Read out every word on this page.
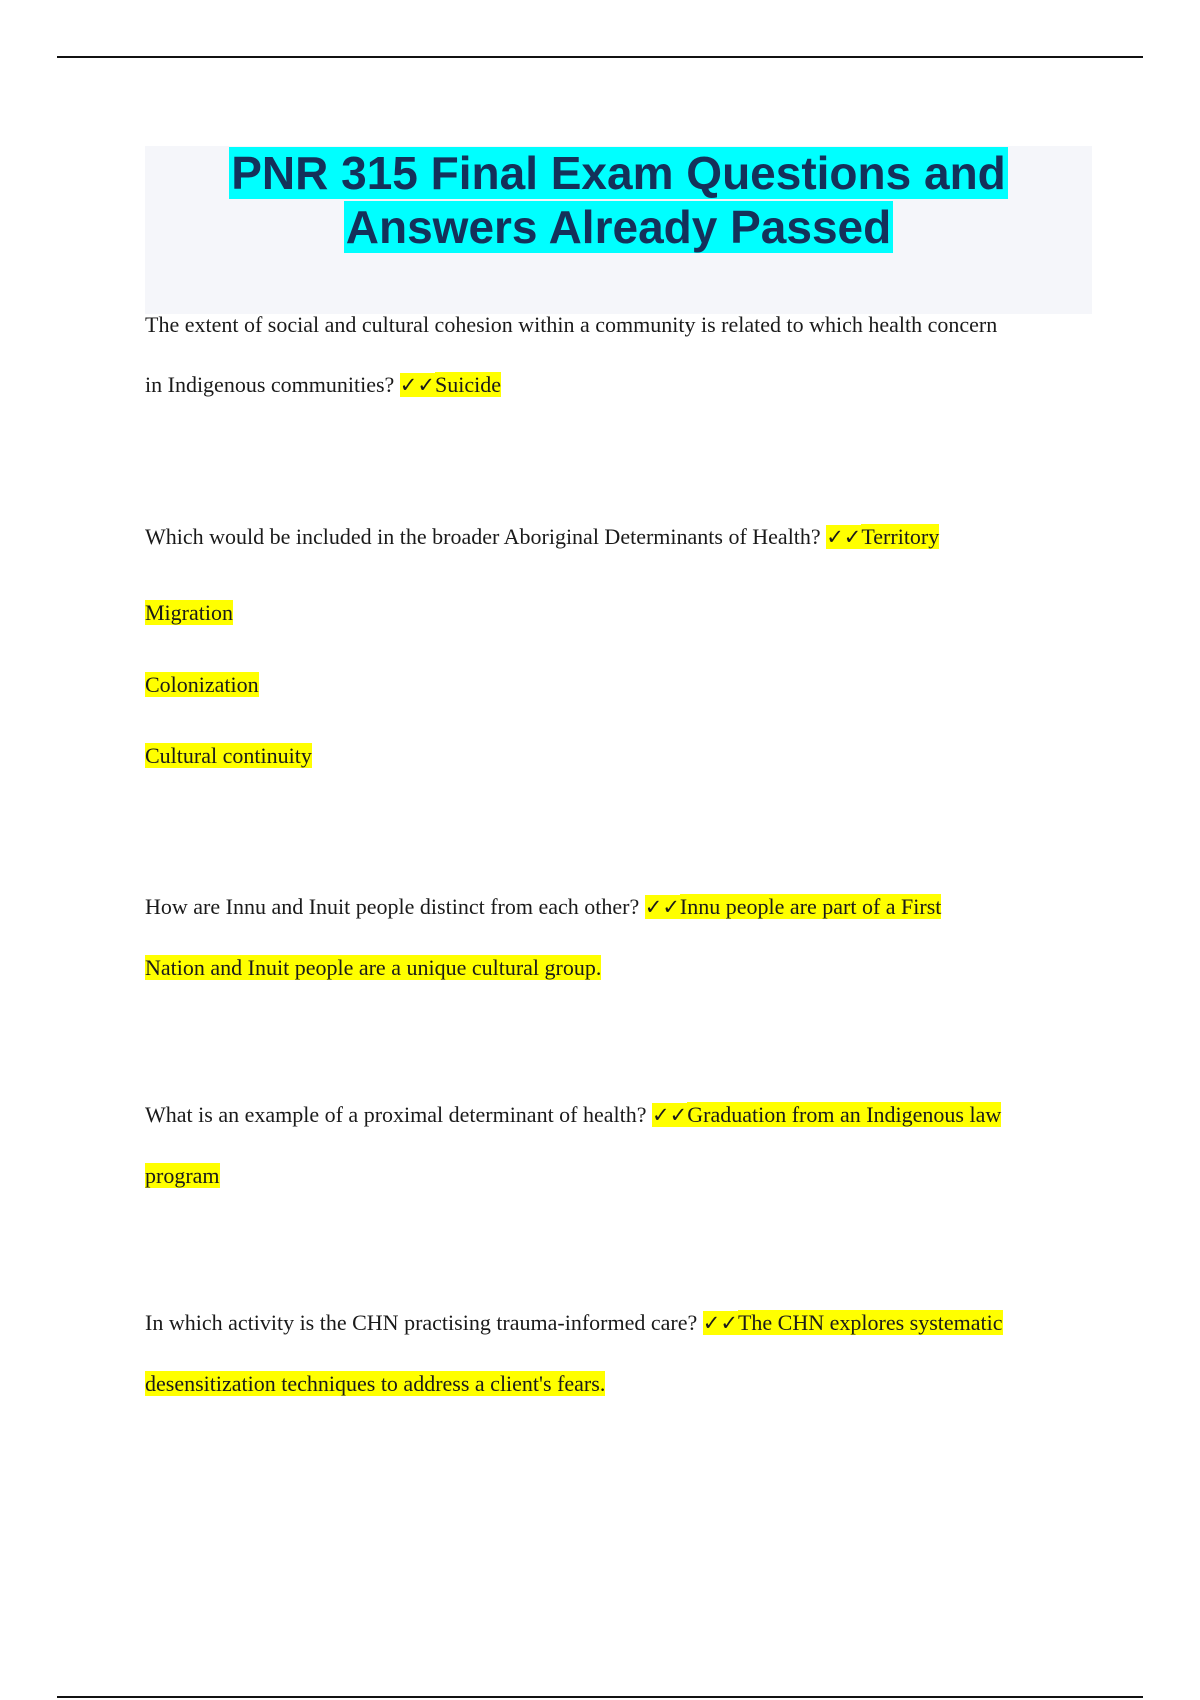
PNR 315 Final Exam Questions and
Answers Already Passed
The extent of social and cultural cohesion within a community is related to which health concern
in Indigenous communities? ✓✓Suicide
Which would be included in the broader Aboriginal Determinants of Health? ✓✓Territory
Migration
Colonization
Cultural continuity
How are Innu and Inuit people distinct from each other? ✓✓Innu people are part of a First
Nation and Inuit people are a unique cultural group.
What is an example of a proximal determinant of health? ✓✓Graduation from an Indigenous law
program
In which activity is the CHN practising trauma-informed care? ✓✓The CHN explores systematic
desensitization techniques to address a client's fears.
